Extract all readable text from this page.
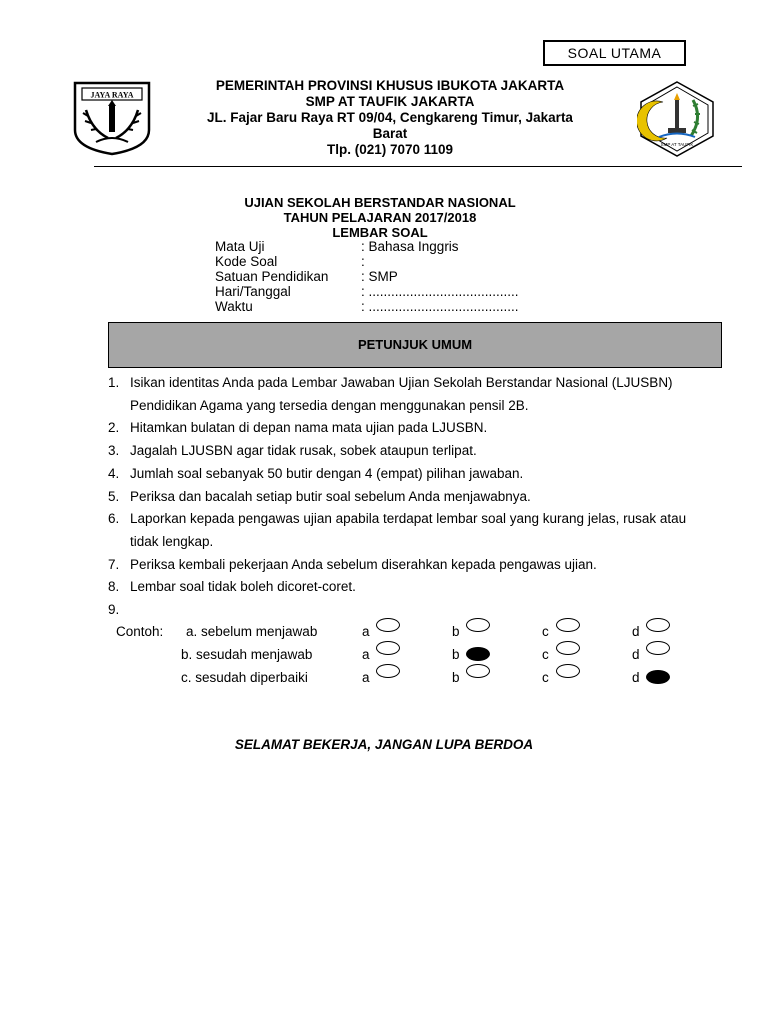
SOAL UTAMA
JAYA RAYA
PEMERINTAH PROVINSI KHUSUS IBUKOTA JAKARTA
SMP AT TAUFIK JAKARTA
JL. Fajar Baru Raya RT 09/04, Cengkareng Timur, Jakarta
Barat
Tlp. (021) 7070 1109	SMP AT TAUFIK
UJIAN SEKOLAH BERSTANDAR NASIONAL
TAHUN PELAJARAN 2017/2018
LEMBAR SOAL
Mata Uji	: Bahasa Inggris
Kode Soal	:
Satuan Pendidikan	: SMP
Hari/Tanggal	: ........................................
Waktu	: ........................................
PETUNJUK UMUM
1. Isikan identitas Anda pada Lembar Jawaban Ujian Sekolah Berstandar Nasional (LJUSBN) Pendidikan Agama yang tersedia dengan menggunakan pensil 2B.
2. Hitamkan bulatan di depan nama mata ujian pada LJUSBN.
3. Jagalah LJUSBN agar tidak rusak, sobek ataupun terlipat.
4. Jumlah soal sebanyak 50 butir dengan 4 (empat) pilihan jawaban.
5. Periksa dan bacalah setiap butir soal sebelum Anda menjawabnya.
6. Laporkan kepada pengawas ujian apabila terdapat lembar soal yang kurang jelas, rusak atau tidak lengkap.
7. Periksa kembali pekerjaan Anda sebelum diserahkan kepada pengawas ujian.
8. Lembar soal tidak boleh dicoret-coret.
9.
Contoh: a. sebelum menjawab	a	b	c	d
b. sesudah menjawab	a	b	c	d
c. sesudah diperbaiki	a	b	c	d
SELAMAT BEKERJA, JANGAN LUPA BERDOA
